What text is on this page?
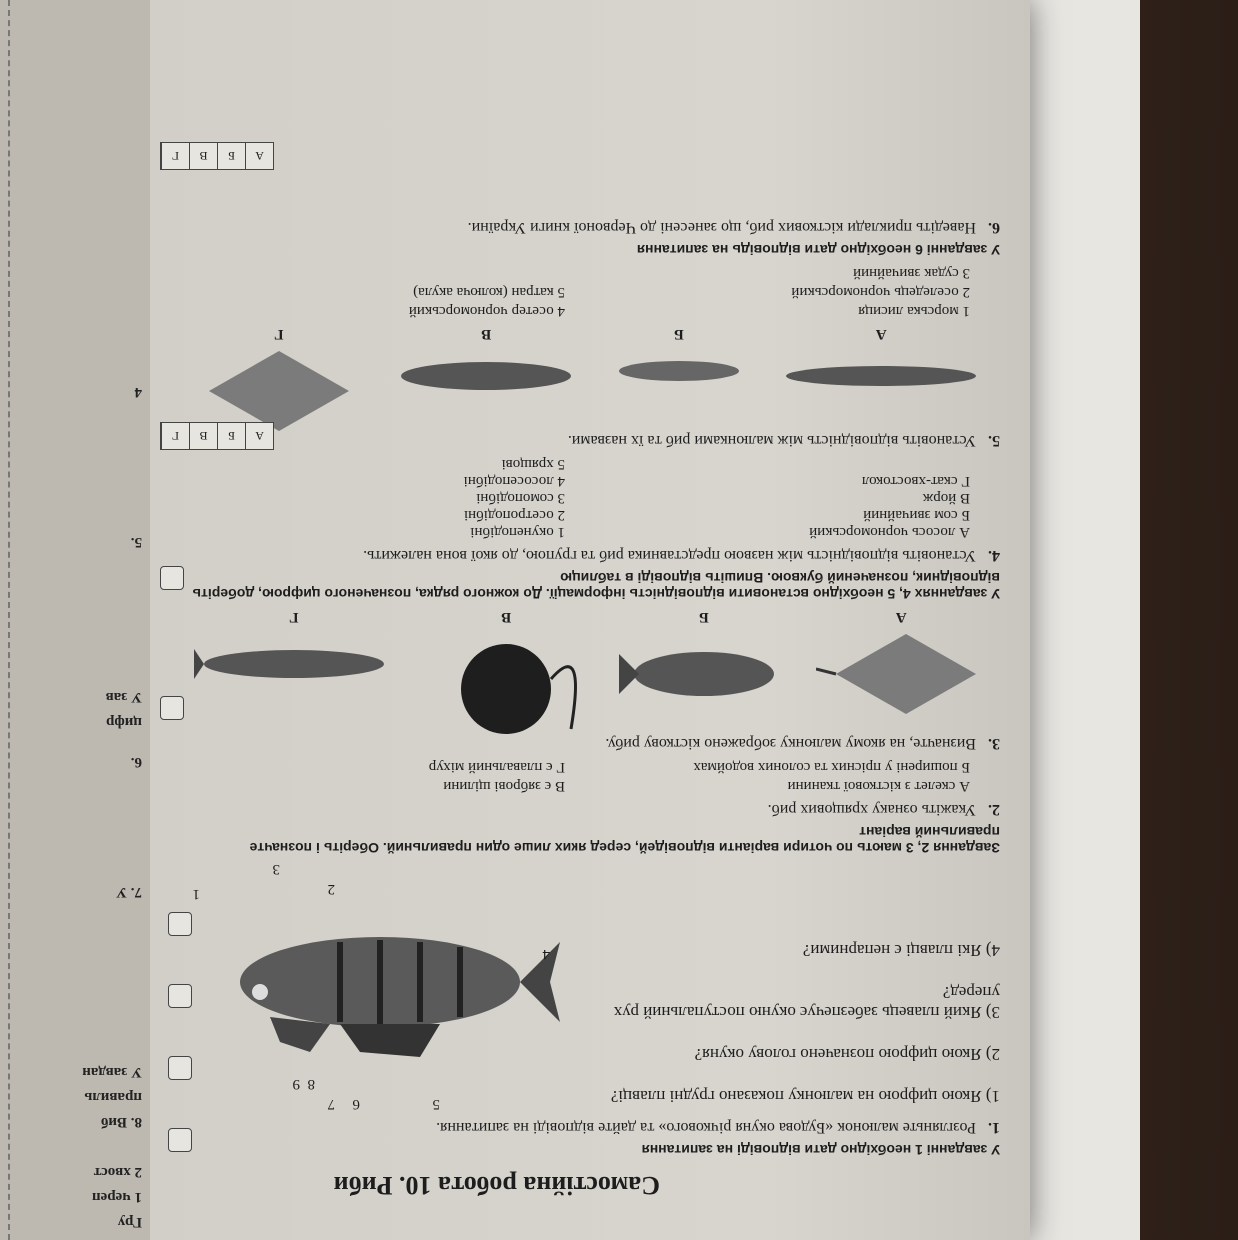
Самостійна робота 10. Риби
У завданні 1 необхідно дати відповіді на запитання
1. Розгляньте малюнок «Будова окуня річкового» та дайте відповіді на запитання.
1) Якою цифрою на малюнку показано грудні плавці?
2) Якою цифрою позначено голову окуня?
3) Який плавець забезпечує окуню поступальний рух уперед?
4) Які плавці є непарними?
1	2
3
4
5
6
7
8
9
Завдання 2, 3 мають по чотири варіанти відповідей, серед яких лише один правильний. Оберіть і позначте правильний варіант
2. Укажіть ознаку хрящових риб.
А скелет з кісткової тканини
В є зяброві щілини
Б поширені у прісних та солоних водоймах
Г є плавальний міхур
3. Визначте, на якому малюнку зображено кісткову рибу.
А
Б
В
Г
У завданнях 4, 5 необхідно встановити відповідність інформації. До кожного рядка, позначеного цифрою, доберіть відповідник, позначений буквою. Впишіть відповіді в таблицю
4. Установіть відповідність між назвою представника риб та групою, до якої вона належить.
А лосось чорноморський
Б сом звичайний
В йорж
Г скат-хвостокол
1 окунеподібні
2 осетроподібні
3 сомоподібні
4 лососеподібні
5 хрящові
5. Установіть відповідність між малюнками риб та їх назвами.
А
Б
В
Г
1 морська лисиця
4 осетер чорноморський
2 оселедець чорноморський
5 катран (колюча акула)
3 судак звичайний
У завданні 6 необхідно дати відповідь на запитання
6. Наведіть приклади кісткових риб, що занесені до Червоної книги України.
А
Б
В
Г
А
Б
В
Г
Гру
1 череп
2 хвост
8. Виб
правиль
У завдан
7. У
6.
цифр
У зав
5.
4
